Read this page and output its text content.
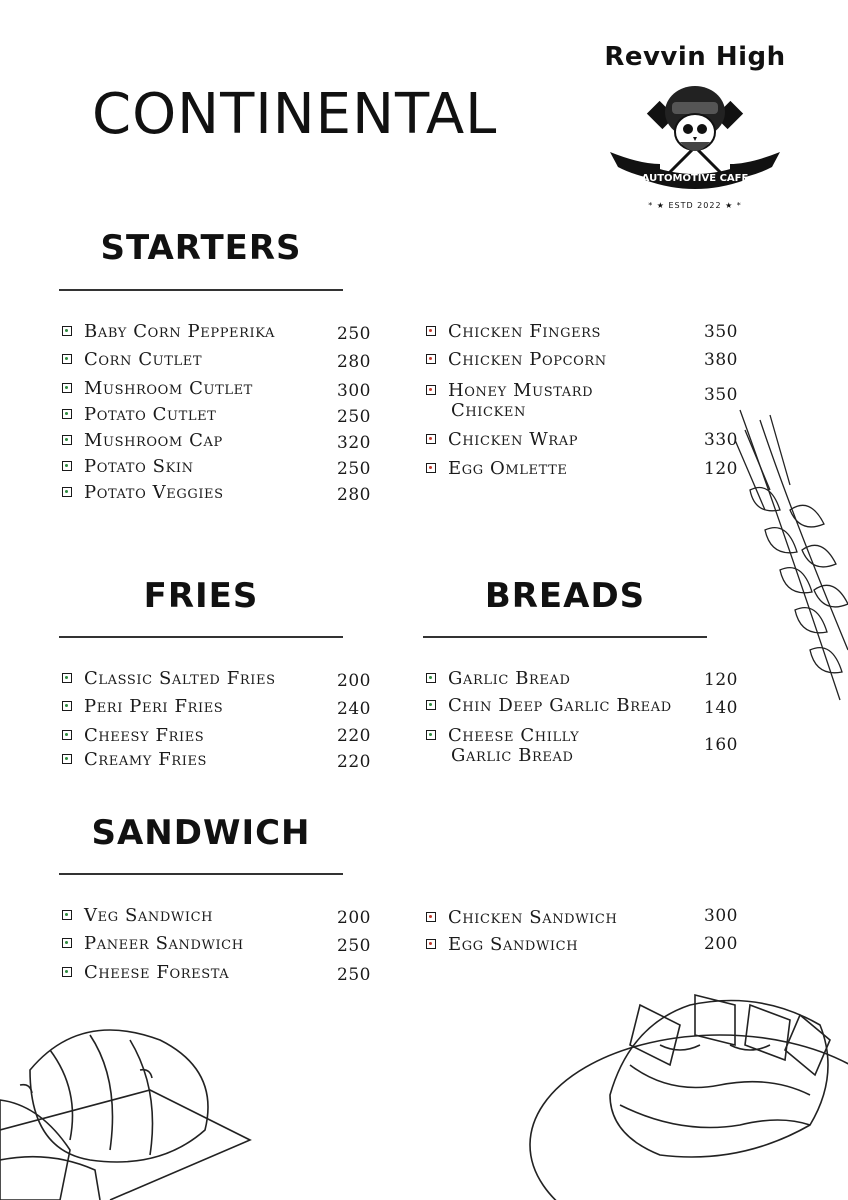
CONTINENTAL
Revvin High
AUTOMOTIVE CAFE
* ★ ESTD 2022 ★ *
STARTERS
Baby Corn Pepperika	250
Corn Cutlet	280
Mushroom Cutlet	300
Potato Cutlet	250
Mushroom Cap	320
Potato Skin	250
Potato Veggies	280
Chicken Fingers	350
Chicken Popcorn	380
Honey Mustard
Chicken
350
Chicken Wrap	330
Egg Omlette	120
FRIES
Classic Salted Fries	200
Peri Peri Fries	240
Cheesy Fries	220
Creamy Fries	220
BREADS
Garlic Bread	120
Chin Deep Garlic Bread 140
Cheese Chilly
Garlic Bread	160
SANDWICH
Veg Sandwich	200
Paneer Sandwich	250
Cheese Foresta	250
Chicken Sandwich	300
Egg Sandwich	200
